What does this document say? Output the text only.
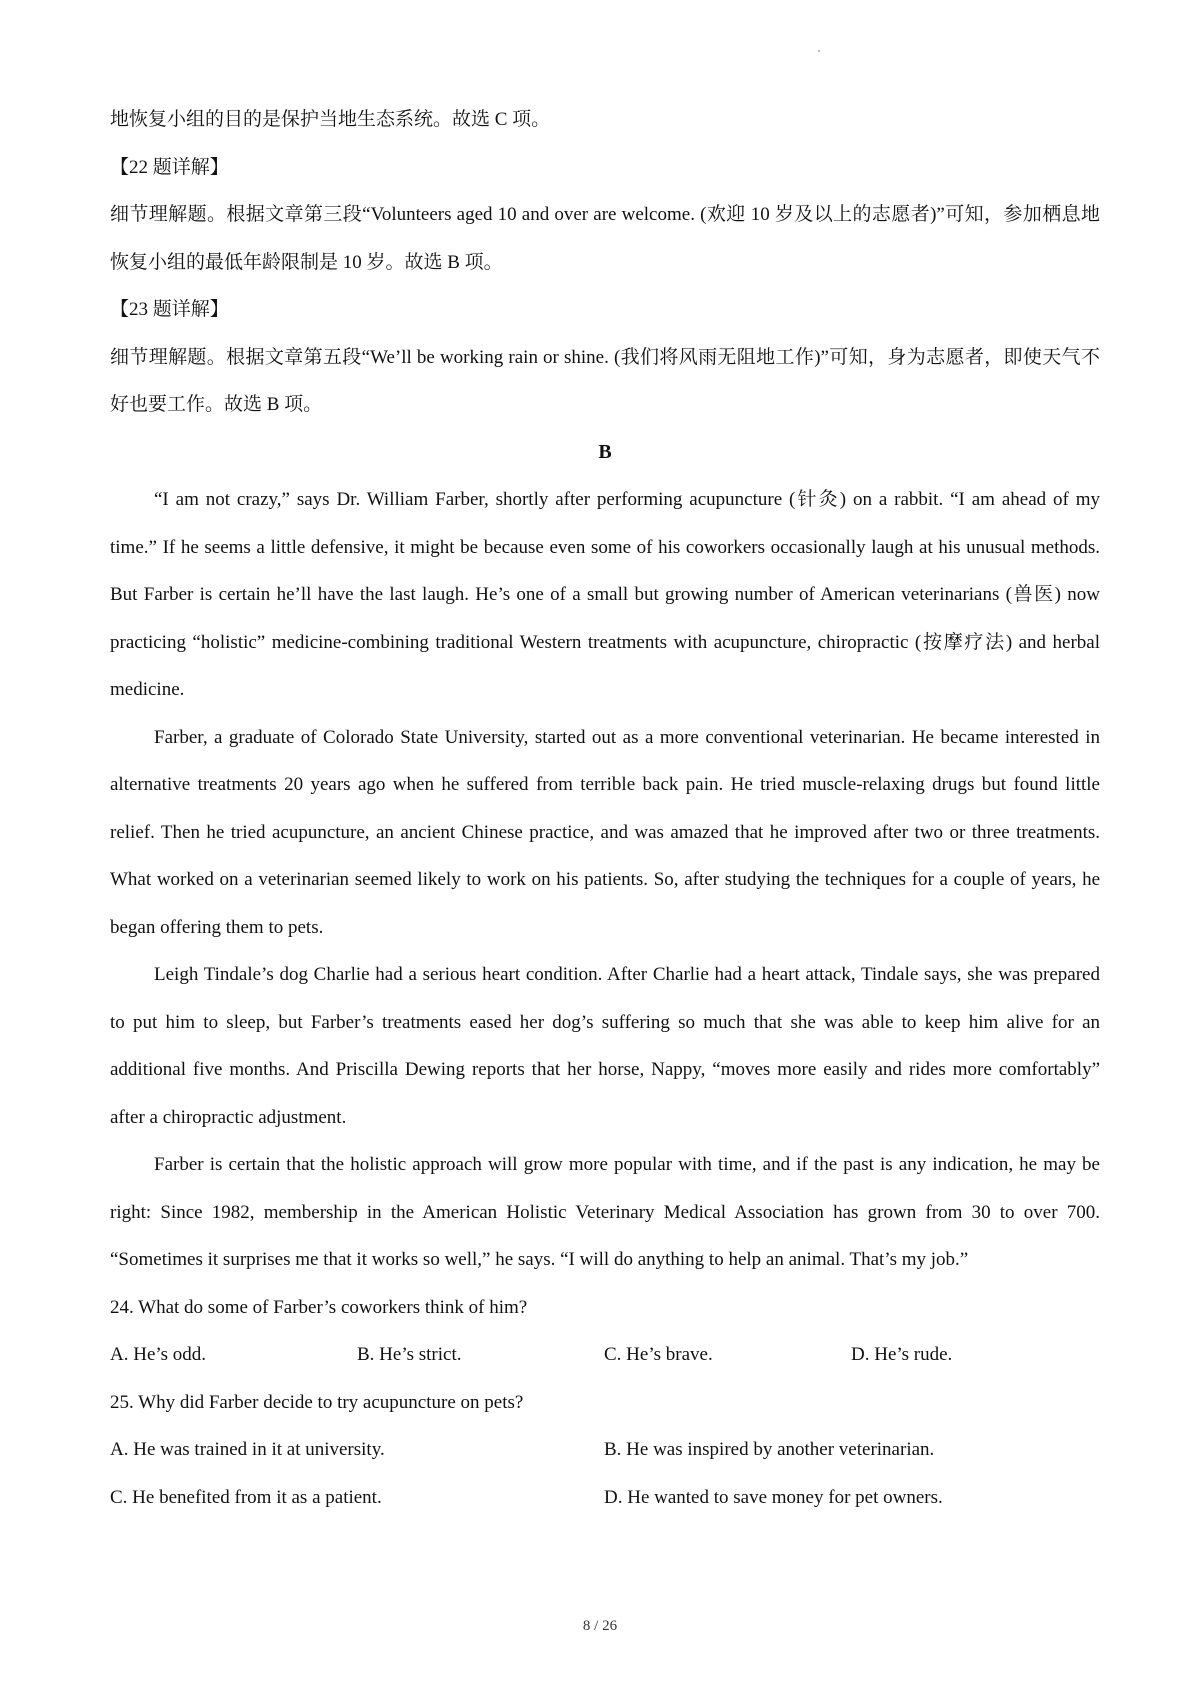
地恢复小组的目的是保护当地生态系统。故选 C 项。

【22 题详解】

细节理解题。根据文章第三段“Volunteers aged 10 and over are welcome. (欢迎 10 岁及以上的志愿者)”可知，参加栖息地恢复小组的最低年龄限制是 10 岁。故选 B 项。

【23 题详解】

细节理解题。根据文章第五段“We’ll be working rain or shine. (我们将风雨无阻地工作)”可知，身为志愿者，即使天气不好也要工作。故选 B 项。

B

“I am not crazy,” says Dr. William Farber, shortly after performing acupuncture (针灸) on a rabbit. “I am ahead of my time.” If he seems a little defensive, it might be because even some of his coworkers occasionally laugh at his unusual methods. But Farber is certain he’ll have the last laugh. He’s one of a small but growing number of American veterinarians (兽医) now practicing “holistic” medicine-combining traditional Western treatments with acupuncture, chiropractic (按摩疗法) and herbal medicine.

Farber, a graduate of Colorado State University, started out as a more conventional veterinarian. He became interested in alternative treatments 20 years ago when he suffered from terrible back pain. He tried muscle-relaxing drugs but found little relief. Then he tried acupuncture, an ancient Chinese practice, and was amazed that he improved after two or three treatments. What worked on a veterinarian seemed likely to work on his patients. So, after studying the techniques for a couple of years, he began offering them to pets.

Leigh Tindale’s dog Charlie had a serious heart condition. After Charlie had a heart attack, Tindale says, she was prepared to put him to sleep, but Farber’s treatments eased her dog’s suffering so much that she was able to keep him alive for an additional five months. And Priscilla Dewing reports that her horse, Nappy, “moves more easily and rides more comfortably” after a chiropractic adjustment.

Farber is certain that the holistic approach will grow more popular with time, and if the past is any indication, he may be right: Since 1982, membership in the American Holistic Veterinary Medical Association has grown from 30 to over 700. “Sometimes it surprises me that it works so well,” he says. “I will do anything to help an animal. That’s my job.”

24. What do some of Farber’s coworkers think of him?

A. He’s odd.	B. He’s strict.	C. He’s brave.	D. He’s rude.

25. Why did Farber decide to try acupuncture on pets?

A. He was trained in it at university.	B. He was inspired by another veterinarian.
C. He benefited from it as a patient.	D. He wanted to save money for pet owners.
8 / 26
